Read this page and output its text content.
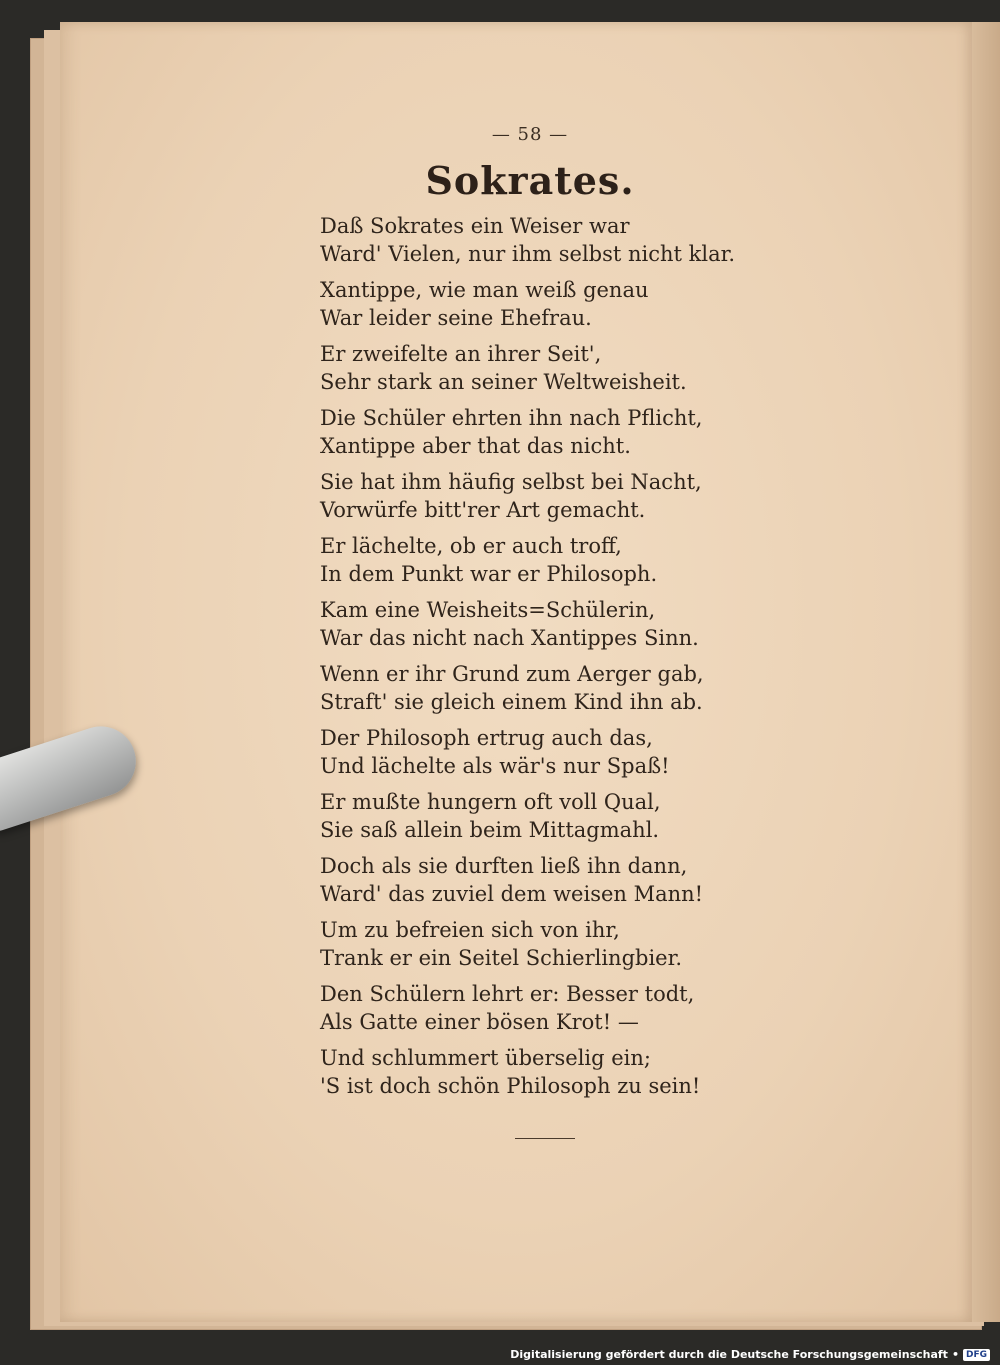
— 58 —
Sokrates.
Daß Sokrates ein Weiser war
Ward' Vielen, nur ihm selbst nicht klar.
Xantippe, wie man weiß genau
War leider seine Ehefrau.
Er zweifelte an ihrer Seit',
Sehr stark an seiner Weltweisheit.
Die Schüler ehrten ihn nach Pflicht,
Xantippe aber that das nicht.
Sie hat ihm häufig selbst bei Nacht,
Vorwürfe bitt'rer Art gemacht.
Er lächelte, ob er auch troff,
In dem Punkt war er Philosoph.
Kam eine Weisheits=Schülerin,
War das nicht nach Xantippes Sinn.
Wenn er ihr Grund zum Aerger gab,
Straft' sie gleich einem Kind ihn ab.
Der Philosoph ertrug auch das,
Und lächelte als wär's nur Spaß!
Er mußte hungern oft voll Qual,
Sie saß allein beim Mittagmahl.
Doch als sie durften ließ ihn dann,
Ward' das zuviel dem weisen Mann!
Um zu befreien sich von ihr,
Trank er ein Seitel Schierlingbier.
Den Schülern lehrt er: Besser todt,
Als Gatte einer bösen Krot! —
Und schlummert überselig ein;
'S ist doch schön Philosoph zu sein!
Digitalisierung gefördert durch die Deutsche Forschungsgemeinschaft • DFG
